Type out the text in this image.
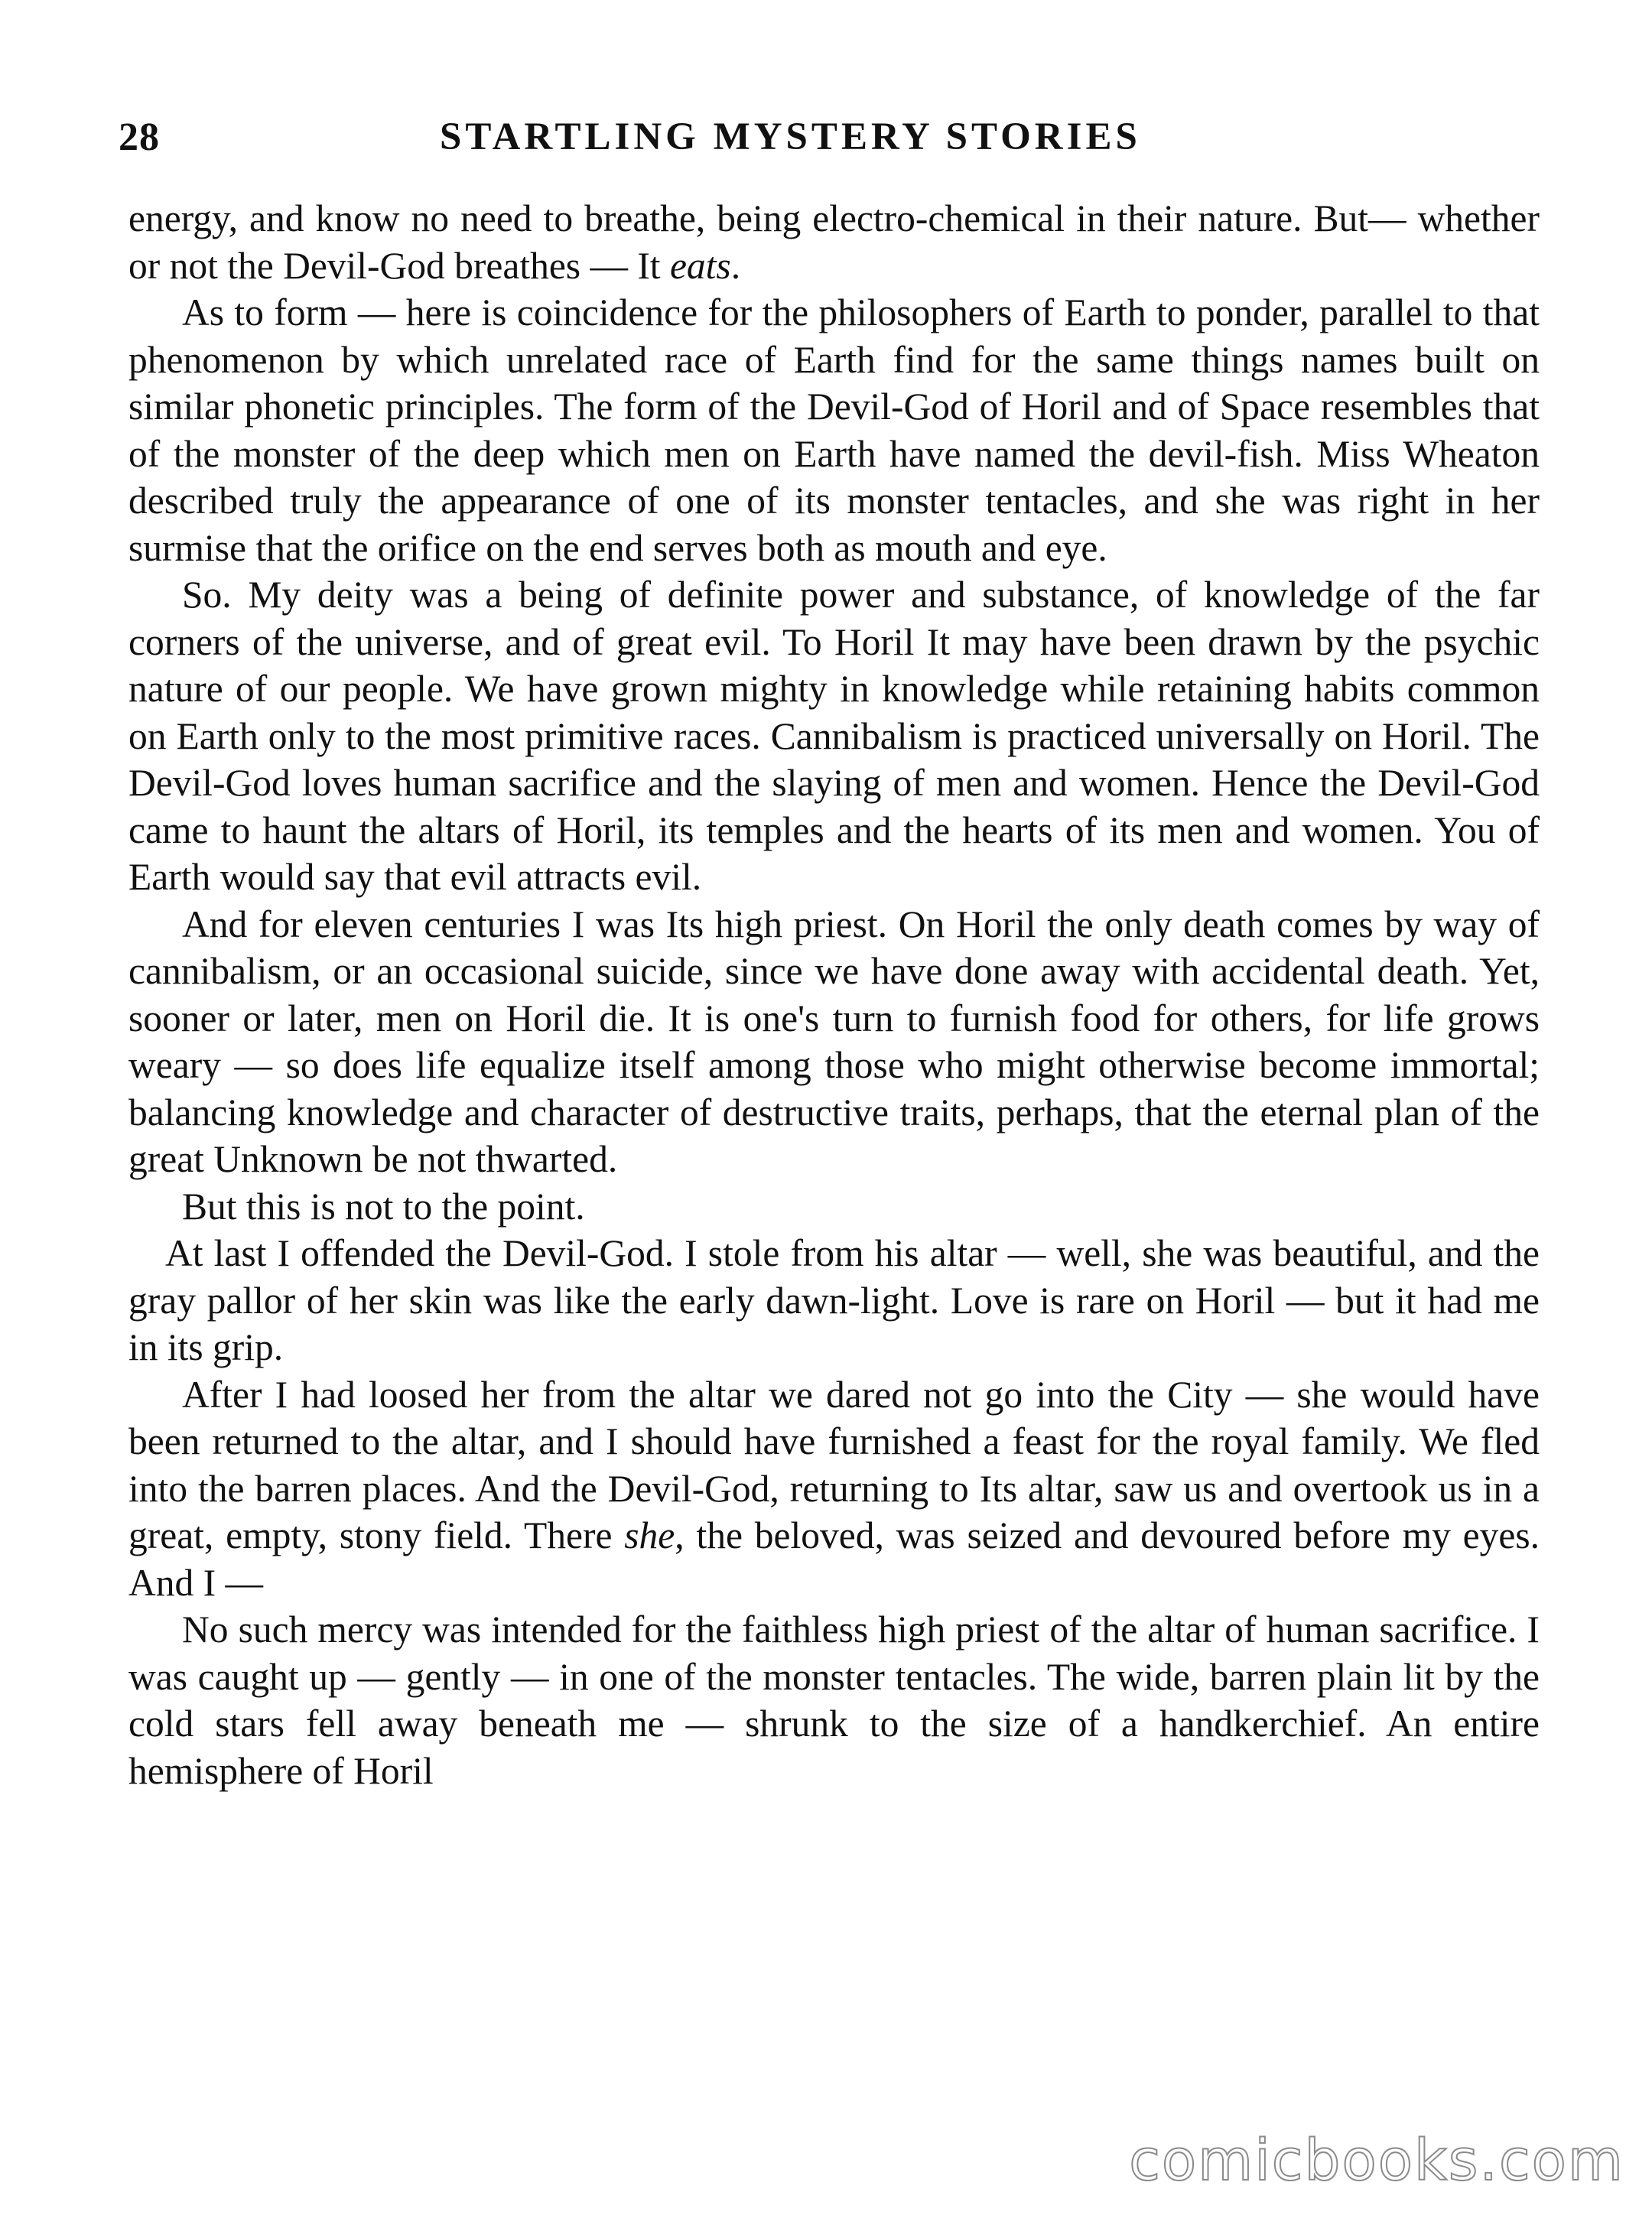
28	STARTLING MYSTERY STORIES

energy, and know no need to breathe, being electro-chemical in their nature. But— whether or not the Devil-God breathes — It eats.

As to form — here is coincidence for the philosophers of Earth to ponder, parallel to that phenomenon by which unrelated race of Earth find for the same things names built on similar phonetic principles. The form of the Devil-God of Horil and of Space resembles that of the monster of the deep which men on Earth have named the devil-fish. Miss Wheaton described truly the appearance of one of its monster tentacles, and she was right in her surmise that the orifice on the end serves both as mouth and eye.

So. My deity was a being of definite power and substance, of knowledge of the far corners of the universe, and of great evil. To Horil It may have been drawn by the psychic nature of our people. We have grown mighty in knowledge while retaining habits common on Earth only to the most primitive races. Cannibalism is practiced universally on Horil. The Devil-God loves human sacrifice and the slaying of men and women. Hence the Devil-God came to haunt the altars of Horil, its temples and the hearts of its men and women. You of Earth would say that evil attracts evil.

And for eleven centuries I was Its high priest. On Horil the only death comes by way of cannibalism, or an occasional suicide, since we have done away with accidental death. Yet, sooner or later, men on Horil die. It is one's turn to furnish food for others, for life grows weary — so does life equalize itself among those who might otherwise become immortal; balancing knowledge and character of destructive traits, perhaps, that the eternal plan of the great Unknown be not thwarted.

But this is not to the point.

At last I offended the Devil-God. I stole from his altar — well, she was beautiful, and the gray pallor of her skin was like the early dawn-light. Love is rare on Horil — but it had me in its grip.

After I had loosed her from the altar we dared not go into the City — she would have been returned to the altar, and I should have furnished a feast for the royal family. We fled into the barren places. And the Devil-God, returning to Its altar, saw us and overtook us in a great, empty, stony field. There she, the beloved, was seized and devoured before my eyes. And I —

No such mercy was intended for the faithless high priest of the altar of human sacrifice. I was caught up — gently — in one of the monster tentacles. The wide, barren plain lit by the cold stars fell away beneath me — shrunk to the size of a handkerchief. An entire hemisphere of Horil

comicbooks.com
